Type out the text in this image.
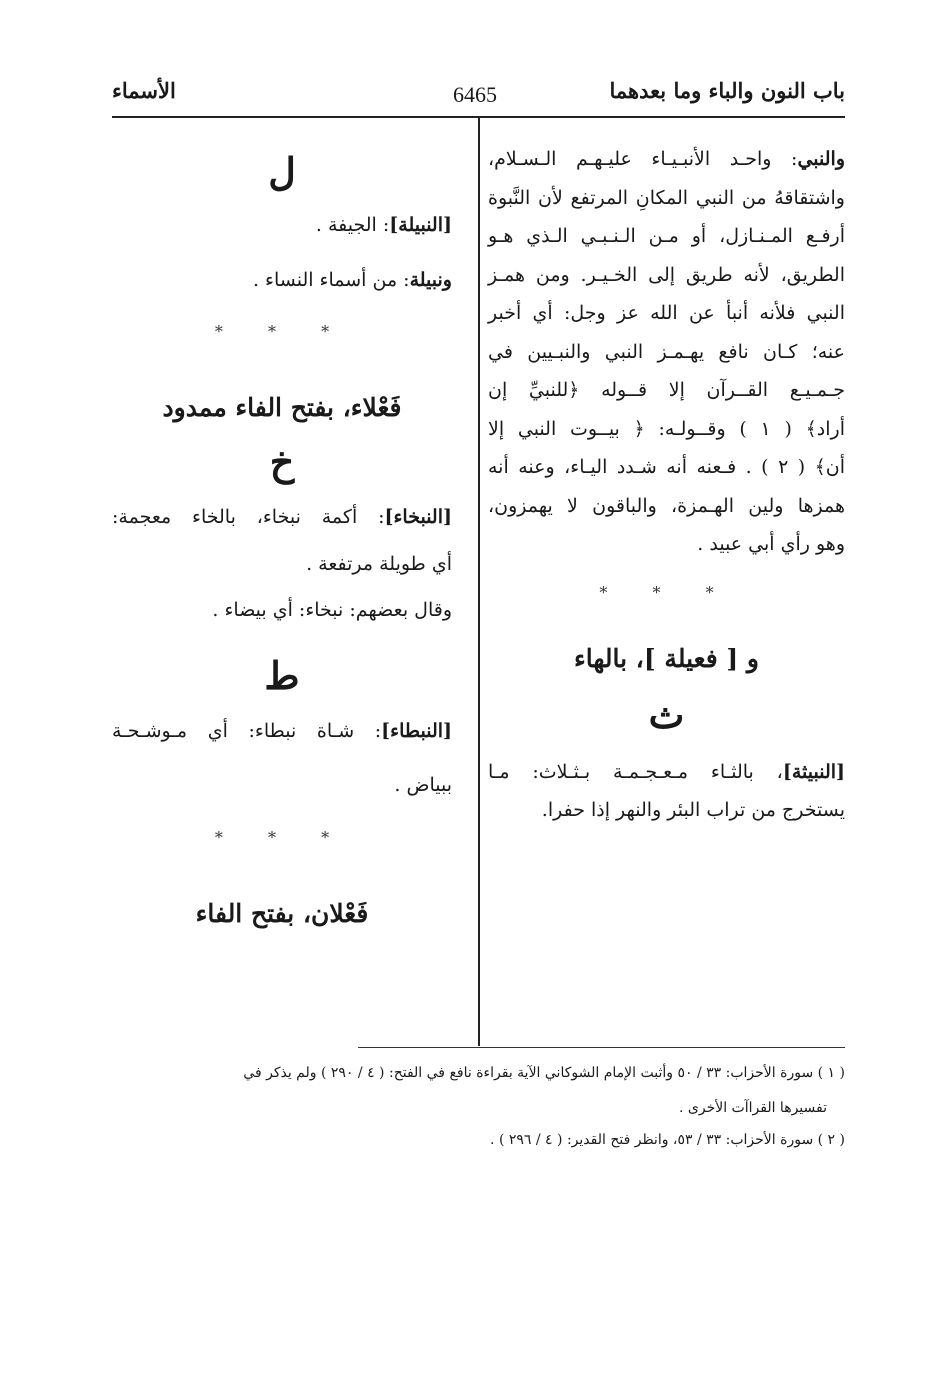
باب النون والباء وما بعدهما
6465
الأسماء

والنبي: واحـد الأنبـيـاء عليـهـم الـسـلام،

واشتقاقهُ من النبي المكانِ المرتفع لأن النَّبوة

أرفـع المـنـازل، أو مـن الـنـبـي الـذي هـو

الطريق، لأنه طريق إلى الخـيـر. ومن همـز

النبي فلأنه أنبأ عن الله عز وجل: أي أخبر

عنه؛ كـان نافع يهـمـز النبي والنبـيين في

جـمـيـع القــرآن إلا قــوله ﴿للنبيِّ إن

أراد﴾ ( ١ ) وقــولـه: ﴿ بيــوت النبي إلا

أن﴾ ( ٢ ) . فـعنه أنه شـدد اليـاء، وعنه أنه

همزها ولين الهـمزة، والباقون لا يهمزون،

وهو رأي أبي عبيد .

* * *

و [ فعيلة ]، بالهاء

ث

[النبيثة]، بالثـاء مـعـجـمـة بـثـلاث: مـا

يستخرج من تراب البئر والنهر إذا حفرا.

ل

[النبيلة]: الجيفة .

ونبيلة: من أسماء النساء .

* * *

فَعْلاء، بفتح الفاء ممدود

خ

[النبخاء]: أكمة نبخاء، بالخاء معجمة:

أي طويلة مرتفعة .

وقال بعضهم: نبخاء: أي بيضاء .

ط

[النبطاء]: شـاة نبطاء: أي مـوشـحـة

ببياض .

* * *

فَعْلان، بفتح الفاء

( ١ ) سورة الأحزاب: ٣٣ / ٥٠ وأثبت الإمام الشوكاني الآية بقراءة نافع في الفتح: ( ٤ / ٢٩٠ ) ولم يذكر في
تفسيرها القراآت الأخرى .
( ٢ ) سورة الأحزاب: ٣٣ / ٥٣، وانظر فتح القدير: ( ٤ / ٢٩٦ ) .
